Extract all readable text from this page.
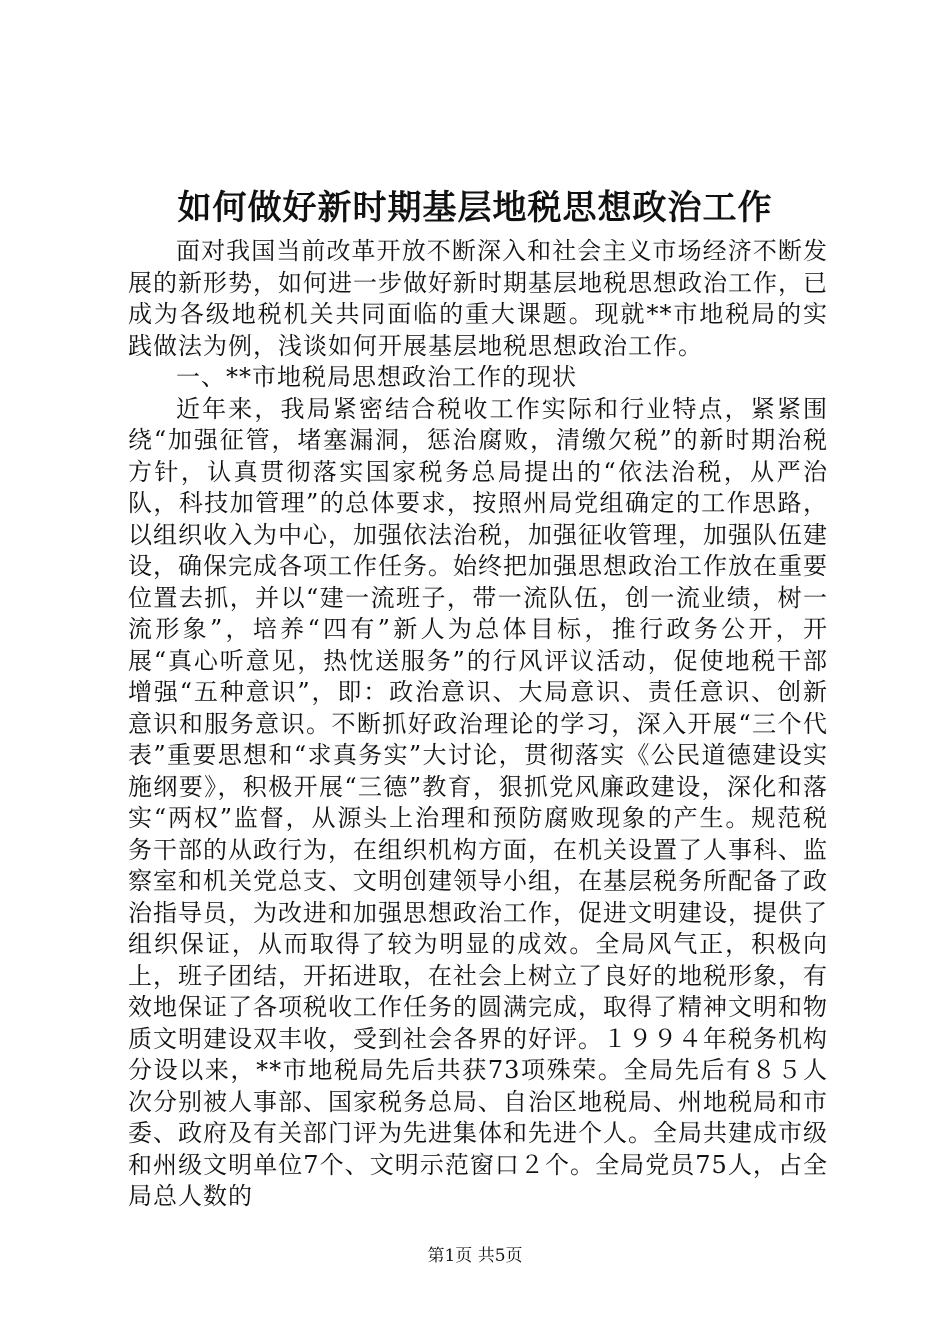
如何做好新时期基层地税思想政治工作

面对我国当前改革开放不断深入和社会主义市场经济不断发展的新形势，如何进一步做好新时期基层地税思想政治工作，已成为各级地税机关共同面临的重大课题。现就**市地税局的实践做法为例，浅谈如何开展基层地税思想政治工作。

一、**市地税局思想政治工作的现状

近年来，我局紧密结合税收工作实际和行业特点，紧紧围绕“加强征管，堵塞漏洞，惩治腐败，清缴欠税”的新时期治税方针，认真贯彻落实国家税务总局提出的“依法治税，从严治队，科技加管理”的总体要求，按照州局党组确定的工作思路，以组织收入为中心，加强依法治税，加强征收管理，加强队伍建设，确保完成各项工作任务。始终把加强思想政治工作放在重要位置去抓，并以“建一流班子，带一流队伍，创一流业绩，树一流形象”，培养“四有”新人为总体目标，推行政务公开，开展“真心听意见，热忱送服务”的行风评议活动，促使地税干部增强“五种意识”，即：政治意识、大局意识、责任意识、创新意识和服务意识。不断抓好政治理论的学习，深入开展“三个代表”重要思想和“求真务实”大讨论，贯彻落实《公民道德建设实施纲要》，积极开展“三德”教育，狠抓党风廉政建设，深化和落实“两权”监督，从源头上治理和预防腐败现象的产生。规范税务干部的从政行为，在组织机构方面，在机关设置了人事科、监察室和机关党总支、文明创建领导小组，在基层税务所配备了政治指导员，为改进和加强思想政治工作，促进文明建设，提供了组织保证，从而取得了较为明显的成效。全局风气正，积极向上，班子团结，开拓进取，在社会上树立了良好的地税形象，有效地保证了各项税收工作任务的圆满完成，取得了精神文明和物质文明建设双丰收，受到社会各界的好评。１９９４年税务机构分设以来，**市地税局先后共获73项殊荣。全局先后有８５人次分别被人事部、国家税务总局、自治区地税局、州地税局和市委、政府及有关部门评为先进集体和先进个人。全局共建成市级和州级文明单位7个、文明示范窗口２个。全局党员75人，占全局总人数的

第1页 共5页
